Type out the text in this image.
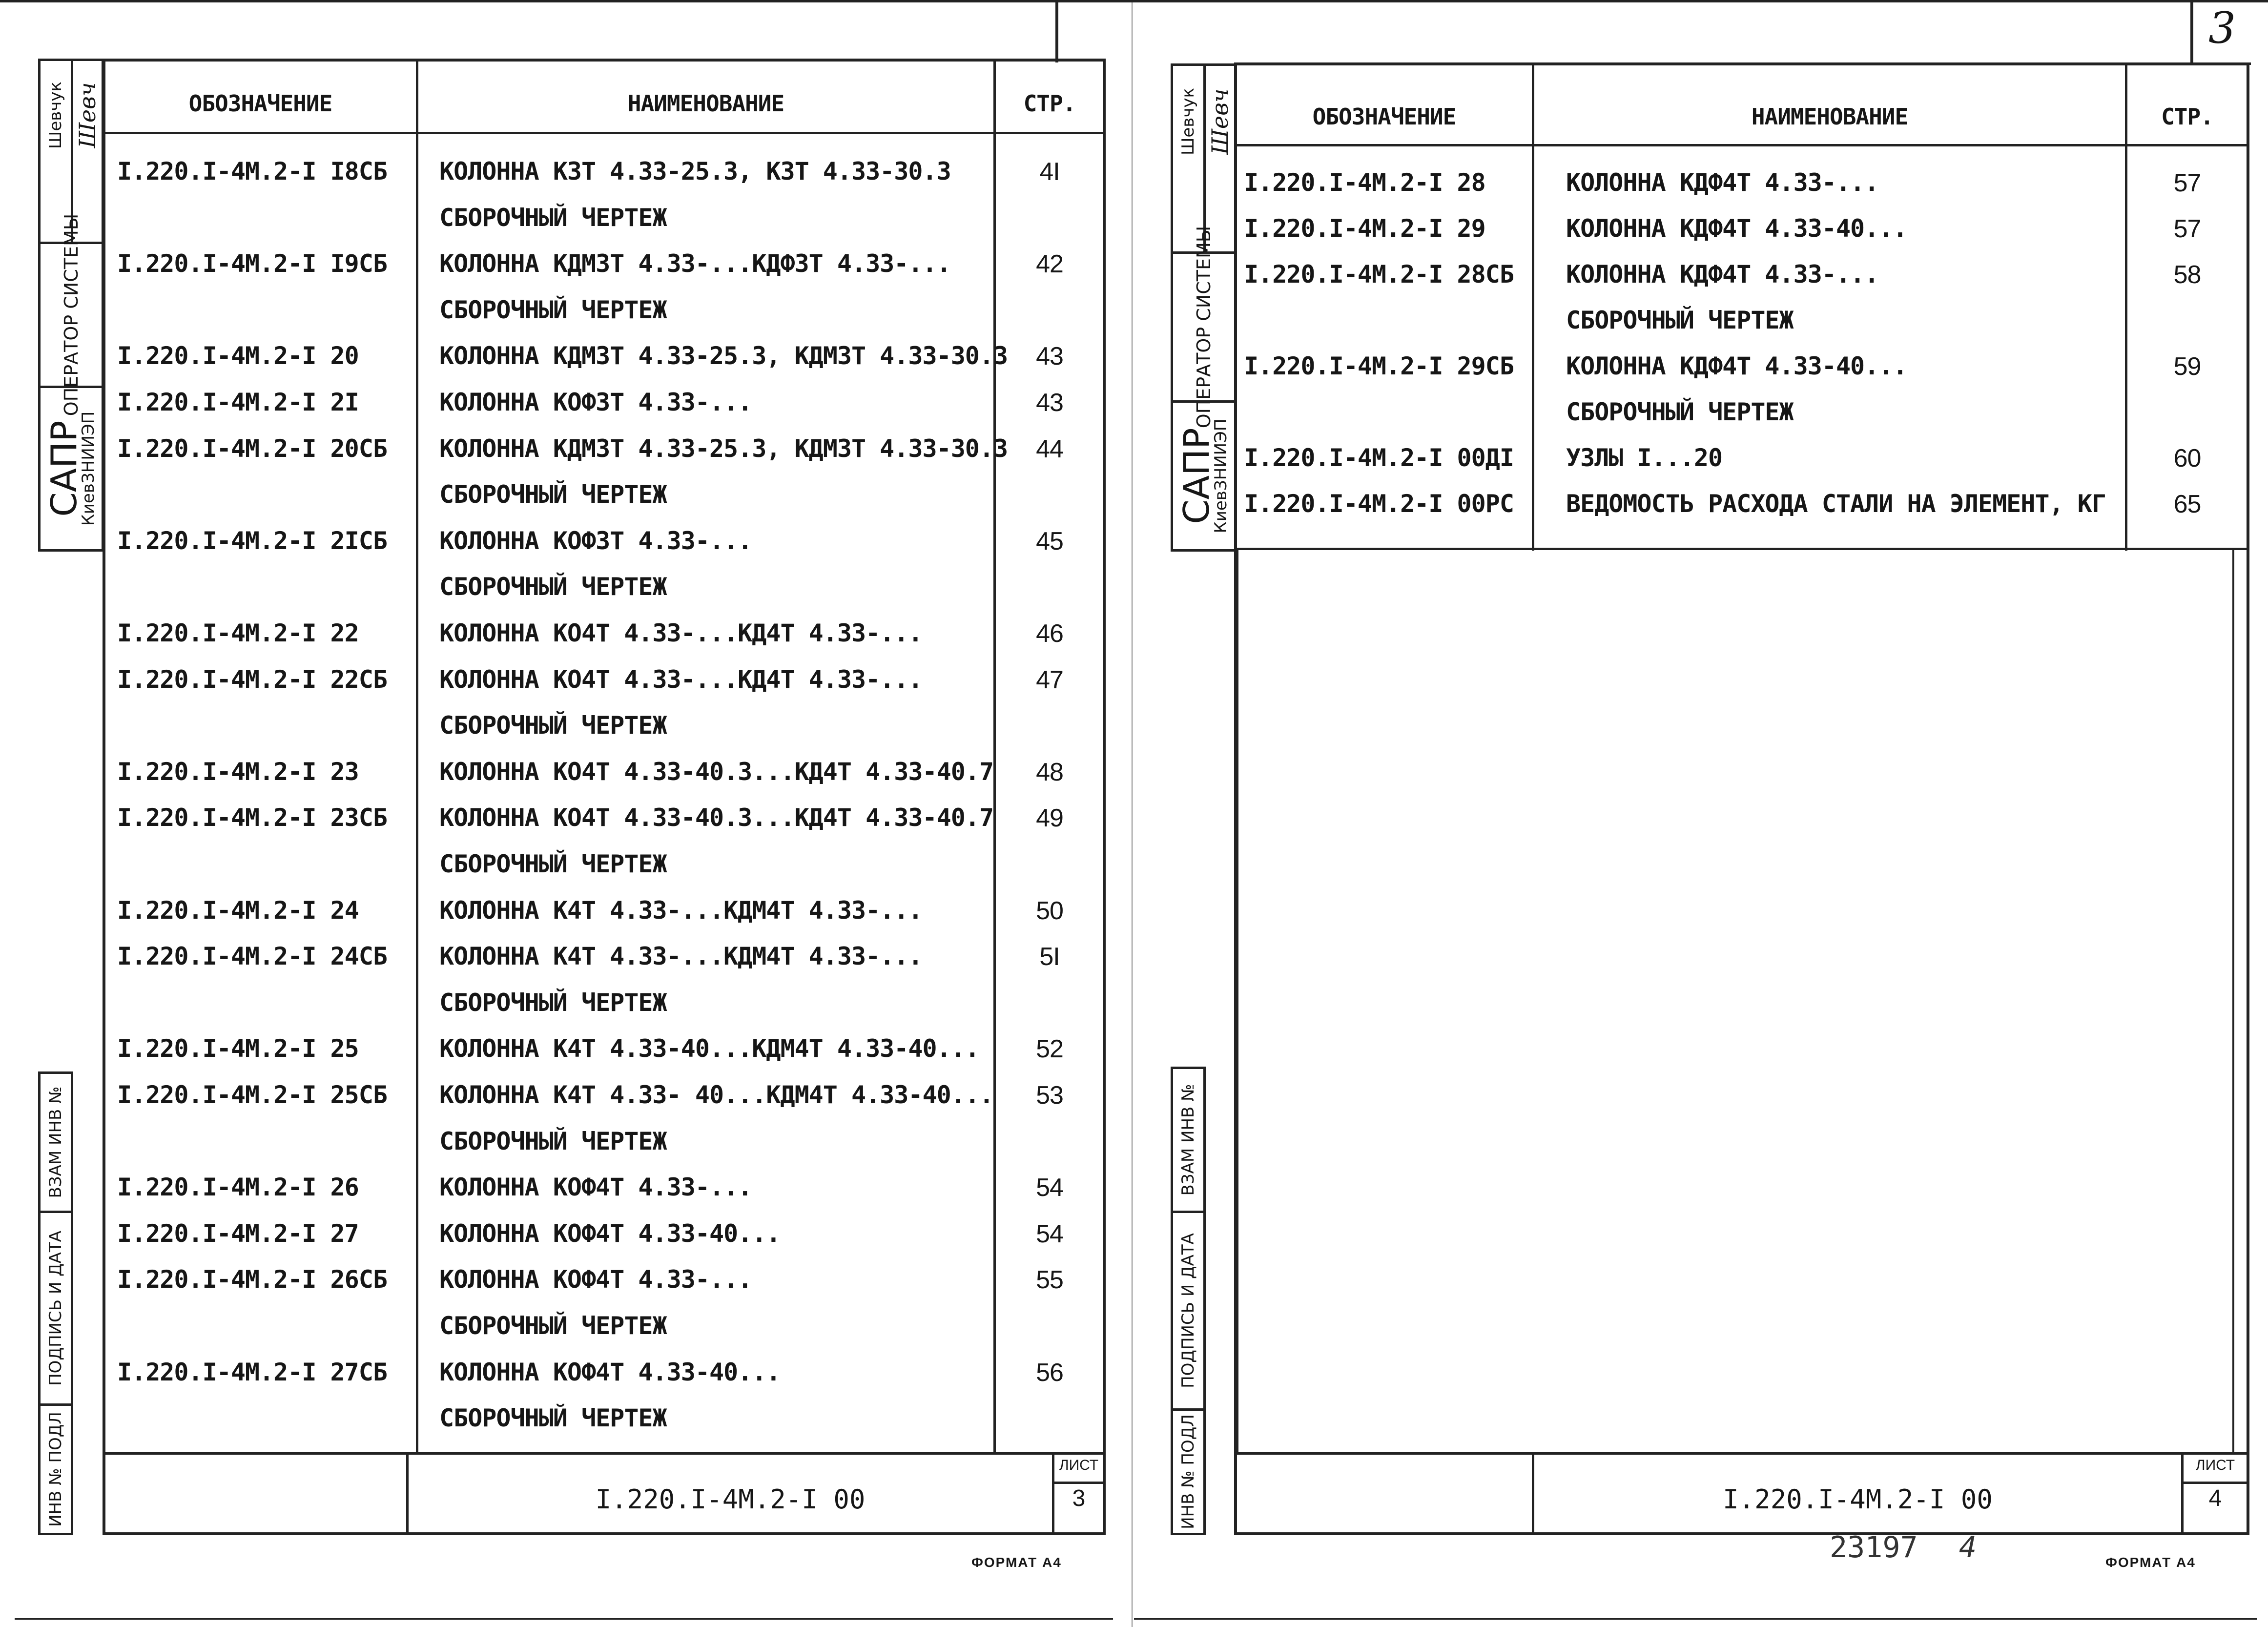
Шевчук Шевч
ОПЕРАТОР СИСТЕМЫ
САПР
КиевЗНИИЭП
ВЗАМ ИНВ №
ПОДПИСЬ И ДАТА
ИНВ № ПОДЛ
ОБОЗНАЧЕНИЕ	НАИМЕНОВАНИЕ	СТР.
I.220.I-4M.2-I I8CБ КОЛОННА КЗТ 4.33-25.3, КЗТ 4.33-30.3	4I
СБОРОЧНЫЙ ЧЕРТЕЖ
I.220.I-4M.2-I I9CБ КОЛОННА КДМЗТ 4.33-...КДФЗТ 4.33-...	42
СБОРОЧНЫЙ ЧЕРТЕЖ
I.220.I-4M.2-I 20	КОЛОННА КДМЗТ 4.33-25.3, КДМЗТ 4.33-30.3	43
I.220.I-4M.2-I 2I	КОЛОННА КОФЗТ 4.33-...	43
I.220.I-4M.2-I 20CБ КОЛОННА КДМЗТ 4.33-25.3, КДМЗТ 4.33-30.3	44
СБОРОЧНЫЙ ЧЕРТЕЖ
I.220.I-4M.2-I 2ICБ КОЛОННА КОФЗТ 4.33-...	45
СБОРОЧНЫЙ ЧЕРТЕЖ
I.220.I-4M.2-I 22	КОЛОННА КО4Т 4.33-...КД4Т 4.33-...	46
I.220.I-4M.2-I 22CБ КОЛОННА КО4Т 4.33-...КД4Т 4.33-...	47
СБОРОЧНЫЙ ЧЕРТЕЖ
I.220.I-4M.2-I 23	КОЛОННА КО4Т 4.33-40.3...КД4Т 4.33-40.7	48
I.220.I-4M.2-I 23CБ КОЛОННА КО4Т 4.33-40.3...КД4Т 4.33-40.7	49
СБОРОЧНЫЙ ЧЕРТЕЖ
I.220.I-4M.2-I 24	КОЛОННА К4Т 4.33-...КДМ4Т 4.33-...	50
I.220.I-4M.2-I 24CБ КОЛОННА К4Т 4.33-...КДМ4Т 4.33-...	5I
СБОРОЧНЫЙ ЧЕРТЕЖ
I.220.I-4M.2-I 25	КОЛОННА К4Т 4.33-40...КДМ4Т 4.33-40...	52
I.220.I-4M.2-I 25CБ КОЛОННА К4Т 4.33- 40...КДМ4Т 4.33-40...	53
СБОРОЧНЫЙ ЧЕРТЕЖ
I.220.I-4M.2-I 26	КОЛОННА КОФ4Т 4.33-...	54
I.220.I-4M.2-I 27	КОЛОННА КОФ4Т 4.33-40...	54
I.220.I-4M.2-I 26CБ КОЛОННА КОФ4Т 4.33-...	55
СБОРОЧНЫЙ ЧЕРТЕЖ
I.220.I-4M.2-I 27CБ КОЛОННА КОФ4Т 4.33-40...	56
СБОРОЧНЫЙ ЧЕРТЕЖ
I.220.I-4M.2-I 00
ЛИСТ
3
ФОРМАТ А4
3
Шевчук Шевч
ОПЕРАТОР СИСТЕМЫ
САПР
КиевЗНИИЭП
ВЗАМ ИНВ №
ПОДПИСЬ И ДАТА
ИНВ № ПОДЛ
ОБОЗНАЧЕНИЕ	НАИМЕНОВАНИЕ	СТР.
I.220.I-4M.2-I 28	КОЛОННА КДФ4Т 4.33-...	57
I.220.I-4M.2-I 29	КОЛОННА КДФ4Т 4.33-40...	57
I.220.I-4M.2-I 28CБ КОЛОННА КДФ4Т 4.33-...	58
СБОРОЧНЫЙ ЧЕРТЕЖ
I.220.I-4M.2-I 29CБ КОЛОННА КДФ4Т 4.33-40...	59
СБОРОЧНЫЙ ЧЕРТЕЖ
I.220.I-4M.2-I 00ДI УЗЛЫ I...20	60
I.220.I-4M.2-I 00PC ВЕДОМОСТЬ РАСХОДА СТАЛИ НА ЭЛЕМЕНТ, КГ	65
I.220.I-4M.2-I 00
ЛИСТ
4
23197 4	ФОРМАТ А4
